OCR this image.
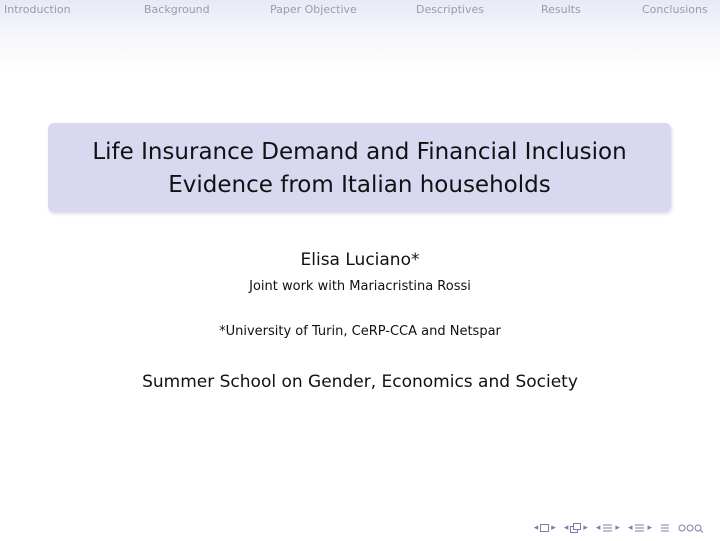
Introduction	Background	Paper Objective	Descriptives	Results	Conclusions
Life Insurance Demand and Financial Inclusion
Evidence from Italian households
Elisa Luciano*
Joint work with Mariacristina Rossi
*University of Turin, CeRP-CCA and Netspar
Summer School on Gender, Economics and Society
◂ ▸ ◂ ▸ ◂ ▸ ◂ ▸
